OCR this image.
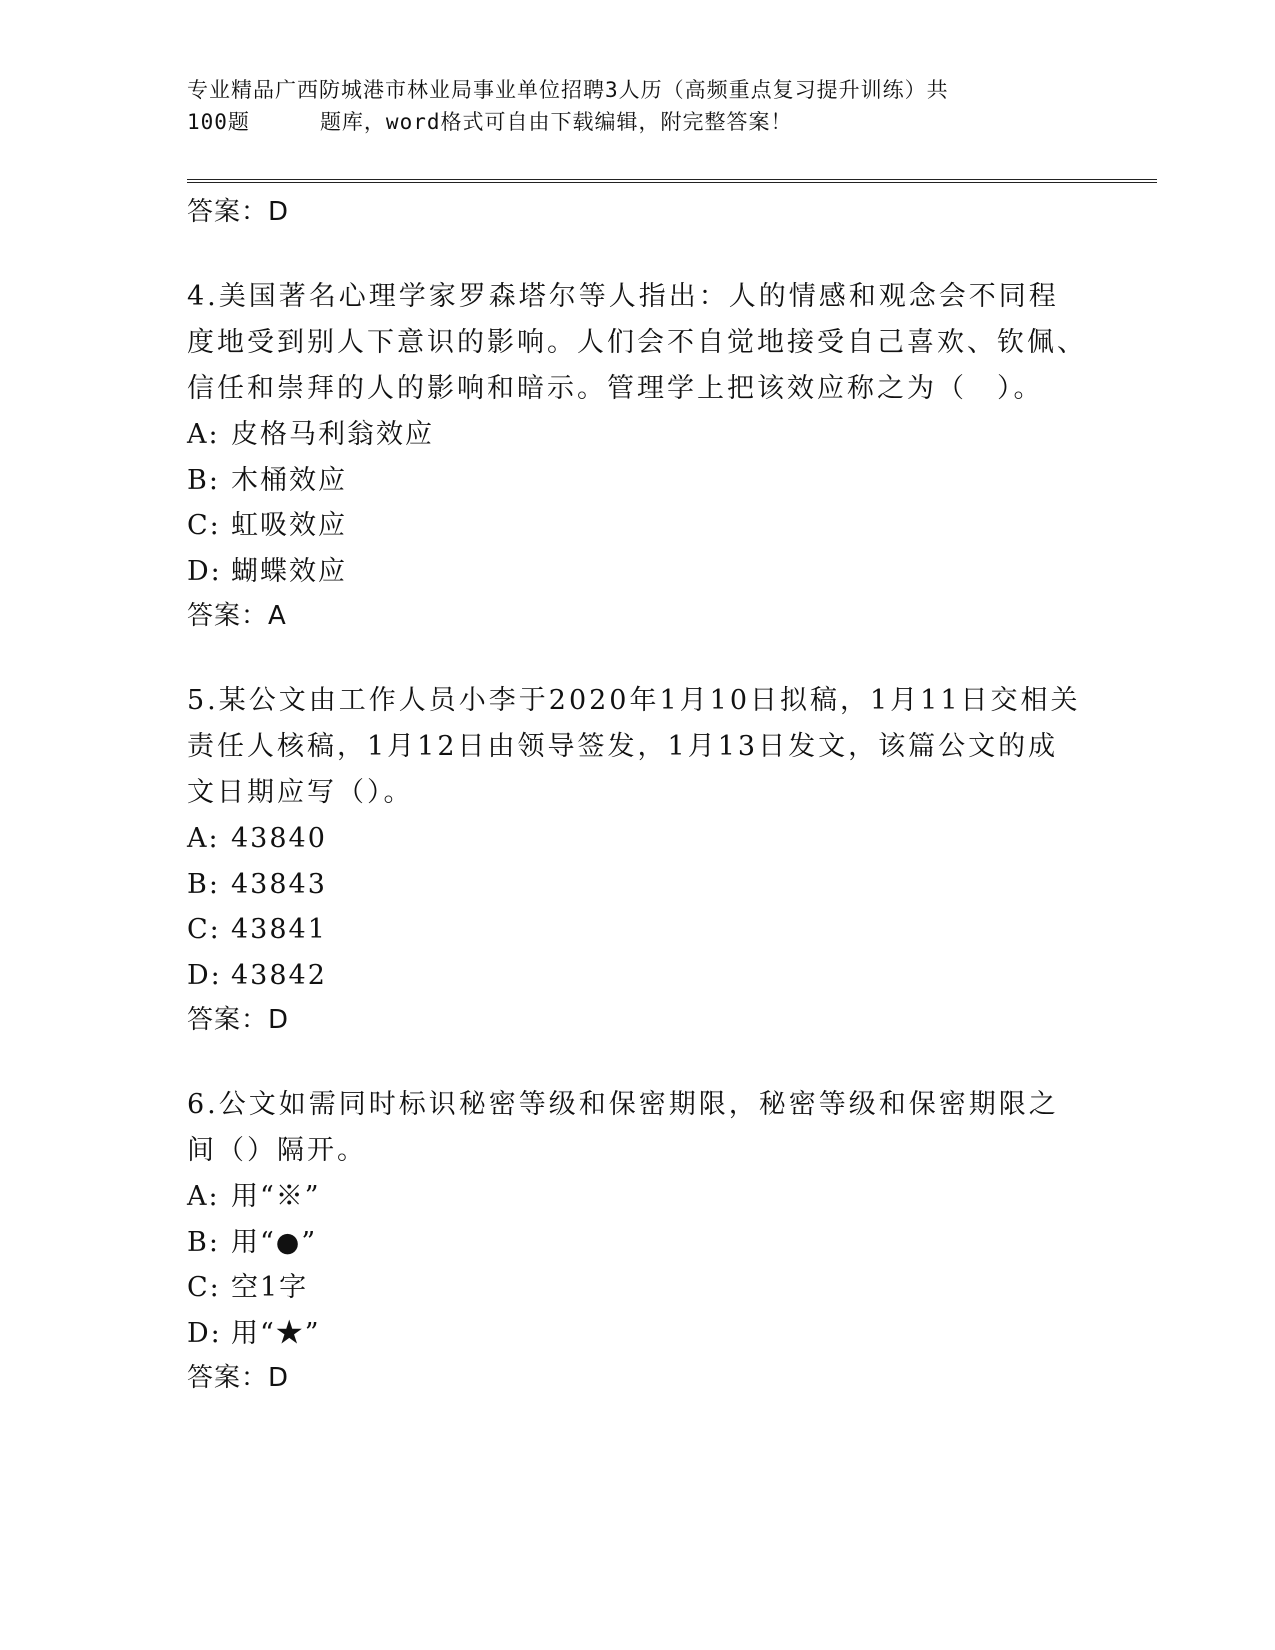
专业精品广西防城港市林业局事业单位招聘3人历（高频重点复习提升训练）共
100题	题库，word格式可自由下载编辑，附完整答案！
答案：D
4.美国著名心理学家罗森塔尔等人指出：人的情感和观念会不同程度地受到别人下意识的影响。人们会不自觉地接受自己喜欢、钦佩、信任和崇拜的人的影响和暗示。管理学上把该效应称之为（　）。
A: 皮格马利翁效应
B: 木桶效应
C: 虹吸效应
D: 蝴蝶效应
答案：A
5.某公文由工作人员小李于2020年1月10日拟稿，1月11日交相关责任人核稿，1月12日由领导签发，1月13日发文，该篇公文的成文日期应写（）。
A: 43840
B: 43843
C: 43841
D: 43842
答案：D
6.公文如需同时标识秘密等级和保密期限，秘密等级和保密期限之间（）隔开。
A: 用“※”
B: 用“●”
C: 空1字
D: 用“★”
答案：D
